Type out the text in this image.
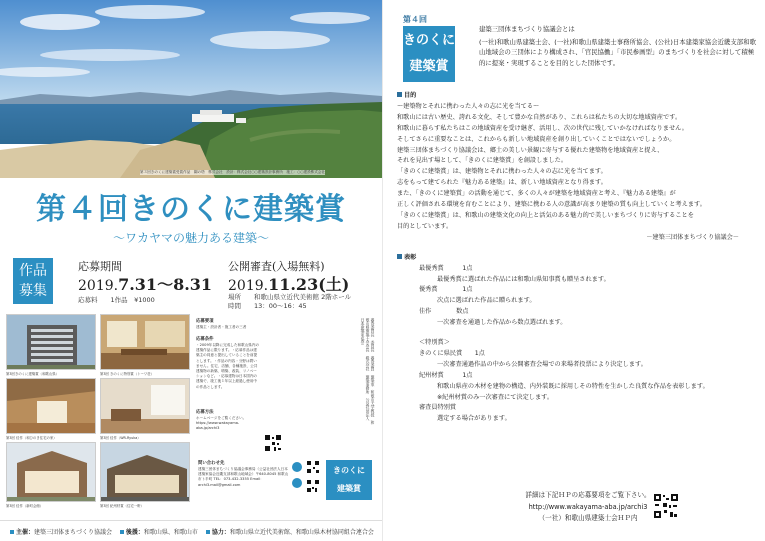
第３回きのくに建築賞受賞作品　鋼の塔　株式会社　設計：株式会社○○建築設計事務所　施工：○○建設株式会社
第４回きのくに建築賞
～ワカヤマの魅力ある建築～
作品
募集
応募期間
2019.7.31～8.31
応募料　　 1作品　¥1000
公開審査(入場無料)
2019.11.23(土)
場所　　 和歌山県立近代美術館 2階ホール
時間　　 13：00～16：45
第3回きのくに建築賞（和歌山県）	第3回 きのくに特別賞（トーワ荘）
第3回 佳作（和ひのき住宅の家）	第3回 佳作（WR-Ryuka）
第3回 佳作（新町会館）	第3回 紀州材賞（住宅一軒）
応募要項
建築主・設計者・施工者の三者
応募条件
・2009年以降に完成した和歌山県内の建築作品に限ります。・応募作品は建築主の同意と提出していることを前提とします。・作品の内容・分野は問いません。住宅、店舗、各種施設、公共建築物の新築、増築、改装、リノベーションなど。・応募建物は日本国内の建築で、竣工後１年以上経過し使用中の作品とします。
応募方法
ホームページをご覧ください。https://www.wakayama-aba.jp/archi3
審査委員長　委員長　審査委員　建築家　和歌山大学教授　和歌山県建築士会会長　株式会社　建築事務所　公益社団法人　日本建築家協会
問い合わせ先
建築三団体まちづくり協議会事務局（公益社団法人日本建築家協会近畿支部和歌山地域会）〒640-8045 和歌山市ト半町 TEL：073-432-3355 Email：archi3.mail@gmail.com
きのくに
建築賞
主催：建築三団体まちづくり協議会 後援：和歌山県、和歌山市 協力：和歌山県立近代美術館、和歌山県木材協同組合連合会
第４回
きのくに
建築賞
建築三団体まちづくり協議会とは
(一社)和歌山県建築士会、(一社)和歌山県建築士事務所協会、(公社)日本建築家協会近畿支部和歌山地域会の三団体により構成され、「官民協働」「市民参画型」のまちづくりを社会に対して積極的に提案・実現することを目的とした団体です。
目的
～建築物とそれに携わった人々の志に光を当てる～
和歌山には古い歴史、誇れる文化、そして豊かな自然があり、これらは私たちの大切な地域資産です。
和歌山に暮らす私たちはこの地域資産を受け継ぎ、活用し、次の世代に残していかなければなりません。
そしてさらに重要なことは、これからも新しい地域資産を創り出していくことではないでしょうか。
建築三団体まちづくり協議会は、郷土の美しい景観に寄与する優れた建築物を地域資産と捉え、
それを見出す場として、「きのくに建築賞」を創設しました。
「きのくに建築賞」は、建築物とそれに携わった人々の志に光を当てます。
志をもって建てられた『魅力ある建築』は、新しい地域資産となり得ます。
また、「きのくに建築賞」の活動を通じて、多くの人々が建築を地域資産と考え、『魅力ある建築』が
正しく評価される環境を育むことにより、建築に携わる人の意識が高まり建築の質も向上していくと考えます。
「きのくに建築賞」は、和歌山の建築文化の向上と活気のある魅力的で美しいまちづくりに寄与することを
目的としています。
－建築三団体まちづくり協議会－
表彰
最優秀賞　　　	1点
最優秀賞に選ばれた作品には和歌山県知事賞も贈呈されます。
優秀賞　　　　	1点
次点に選ばれた作品に贈られます。
佳作　　　　	数点
一次審査を通過した作品から数点選ばれます。
＜特別賞＞
きのくに県民賞　　 1点
一次審査通過作品の中から公開審査会場での来場者投票により決定します。
紀州材賞　　　	1点
和歌山県産の木材を建物の構造、内外装既に採用しその特性を生かした良質な作品を表彰します。
※紀州材賞のみ一次審査にて決定します。
審査員特別賞
選定する場合があります。
詳細は下記ＨＰの応募要項をご覧下さい。
http://www.wakayama-aba.jp/archi3
（一社）和歌山県建築士会ＨＰ内
